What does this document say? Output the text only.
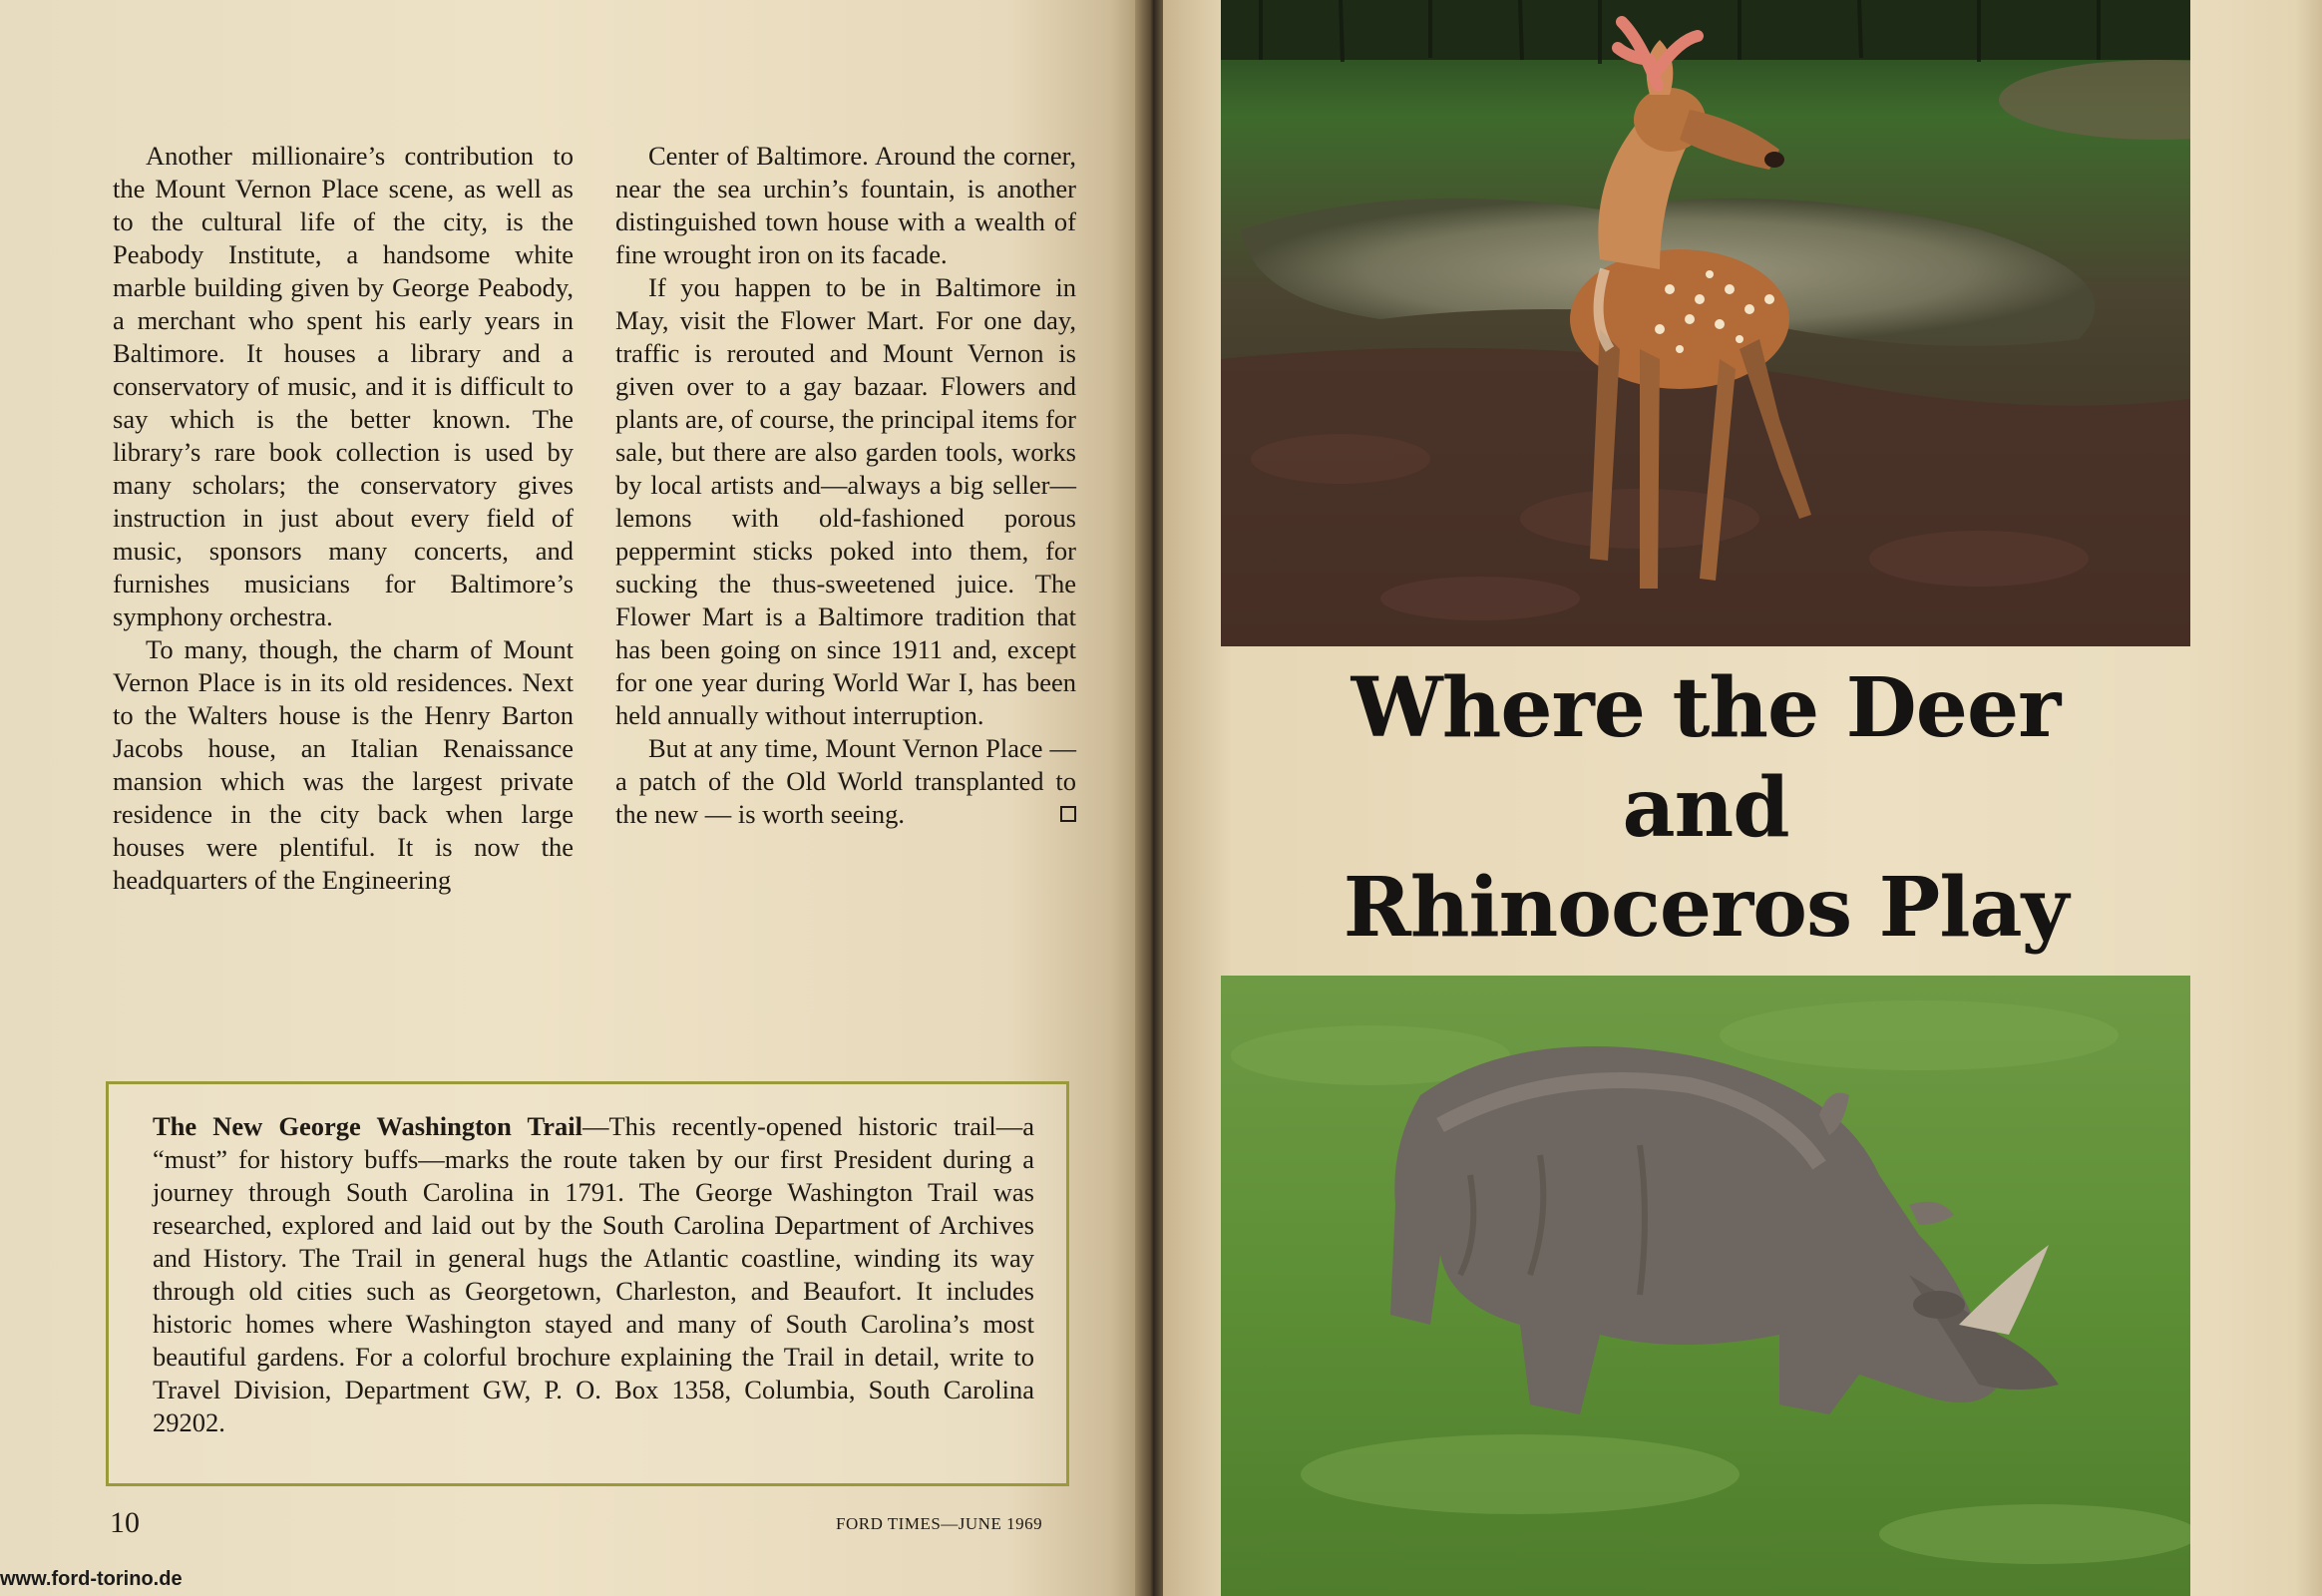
Another millionaire’s contribution to the Mount Vernon Place scene, as well as to the cultural life of the city, is the Peabody Institute, a handsome white marble building given by George Peabody, a merchant who spent his early years in Baltimore. It houses a library and a conservatory of music, and it is difficult to say which is the better known. The library’s rare book collection is used by many scholars; the conservatory gives instruction in just about every field of music, sponsors many concerts, and furnishes musicians for Baltimore’s symphony orchestra.

To many, though, the charm of Mount Vernon Place is in its old residences. Next to the Walters house is the Henry Barton Jacobs house, an Italian Renaissance mansion which was the largest private residence in the city back when large houses were plentiful. It is now the headquarters of the Engineering

Center of Baltimore. Around the corner, near the sea urchin’s fountain, is another distinguished town house with a wealth of fine wrought iron on its facade.

If you happen to be in Baltimore in May, visit the Flower Mart. For one day, traffic is rerouted and Mount Vernon is given over to a gay bazaar. Flowers and plants are, of course, the principal items for sale, but there are also garden tools, works by local artists and—always a big seller—lemons with old-fashioned porous peppermint sticks poked into them, for sucking the thus-sweetened juice. The Flower Mart is a Baltimore tradition that has been going on since 1911 and, except for one year during World War I, has been held annually without interruption.

But at any time, Mount Vernon Place — a patch of the Old World transplanted to the new — is worth seeing.

The New George Washington Trail—This recently-opened historic trail—a “must” for history buffs—marks the route taken by our first President during a journey through South Carolina in 1791. The George Washington Trail was researched, explored and laid out by the South Carolina Department of Archives and History. The Trail in general hugs the Atlantic coastline, winding its way through old cities such as Georgetown, Charleston, and Beaufort. It includes historic homes where Washington stayed and many of South Carolina’s most beautiful gardens. For a colorful brochure explaining the Trail in detail, write to Travel Division, Department GW, P. O. Box 1358, Columbia, South Carolina 29202.
10	FORD TIMES—JUNE 1969
www.ford-torino.de
Where the Deer
and
Rhinoceros Play
